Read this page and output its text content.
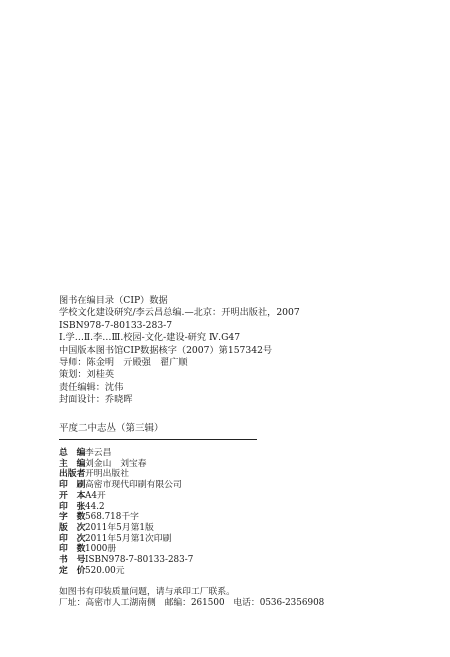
图书在编目录（CIP）数据
学校文化建设研究/李云昌总编.—北京：开明出版社，2007
ISBN978-7-80133-283-7
Ⅰ.学…Ⅱ.李…Ⅲ.校园-文化-建设-研究 Ⅳ.G47
中国版本图书馆CIP数据核字（2007）第157342号
导师：陈金明　亓殿强　翟广顺
策划：刘桂英
责任编辑：沈伟
封面设计：乔晓晖
平度二中志丛（第三辑）
总　编 李云昌
主　编 刘金山　刘宝春
出版者 开明出版社
印　刷 高密市现代印刷有限公司
开　本 A4开
印　张 44.2
字　数 568.718千字
版　次 2011年5月第1版
印　次 2011年5月第1次印刷
印　数 1000册
书　号 ISBN978-7-80133-283-7
定　价 520.00元
如图书有印装质量问题，请与承印工厂联系。
厂址：高密市人工湖南侧　邮编：261500　电话：0536-2356908
